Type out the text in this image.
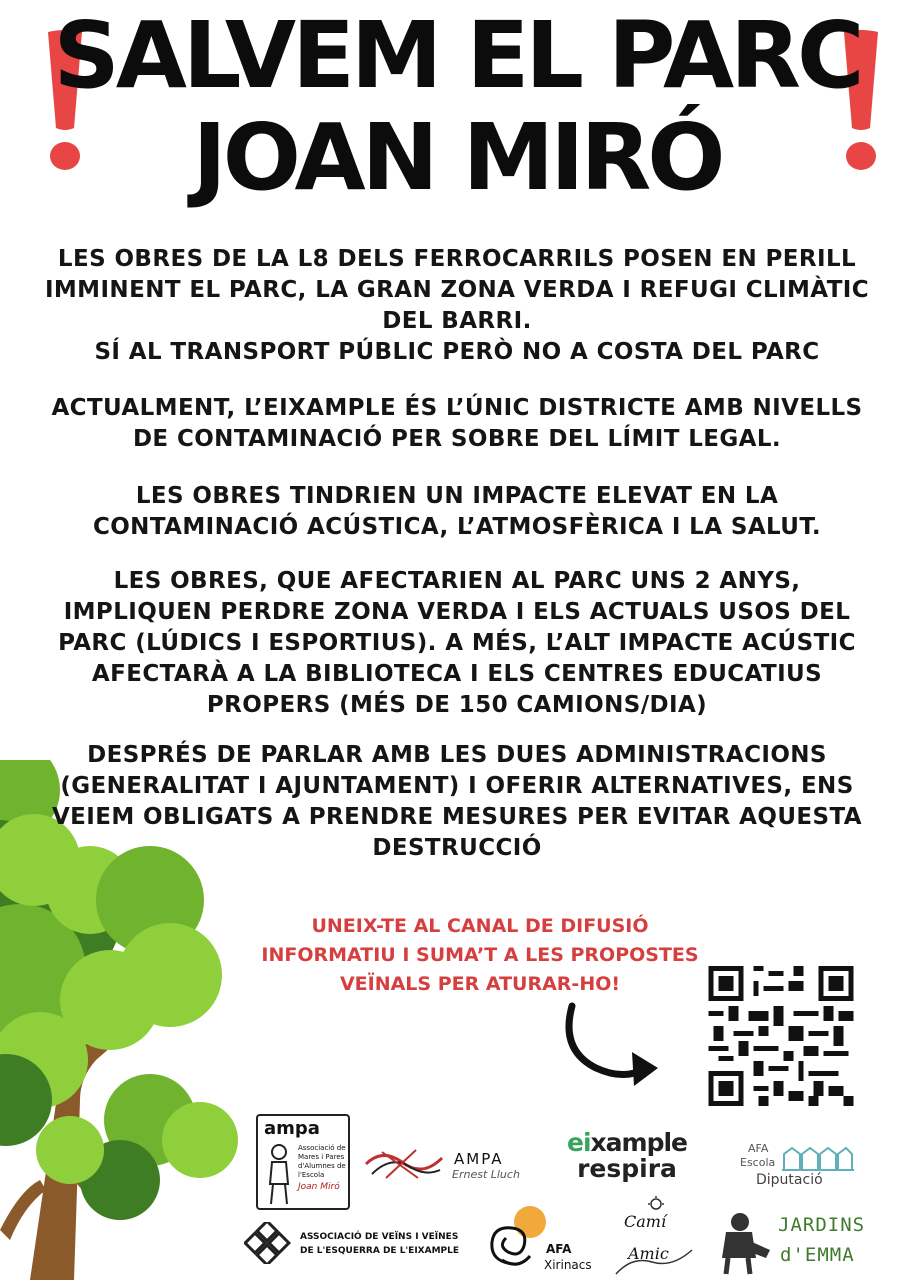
SALVEM EL PARC
JOAN MIRÓ
LES OBRES DE LA L8 DELS FERROCARRILS POSEN EN PERILL
IMMINENT EL PARC, LA GRAN ZONA VERDA I REFUGI CLIMÀTIC
DEL BARRI.
SÍ AL TRANSPORT PÚBLIC PERÒ NO A COSTA DEL PARC
ACTUALMENT, L’EIXAMPLE ÉS L’ÚNIC DISTRICTE AMB NIVELLS
DE CONTAMINACIÓ PER SOBRE DEL LÍMIT LEGAL.
LES OBRES TINDRIEN UN IMPACTE ELEVAT EN LA
CONTAMINACIÓ ACÚSTICA, L’ATMOSFÈRICA I LA SALUT.
LES OBRES, QUE AFECTARIEN AL PARC UNS 2 ANYS,
IMPLIQUEN PERDRE ZONA VERDA I ELS ACTUALS USOS DEL
PARC (LÚDICS I ESPORTIUS). A MÉS, L’ALT IMPACTE ACÚSTIC
AFECTARÀ A LA BIBLIOTECA I ELS CENTRES EDUCATIUS
PROPERS (MÉS DE 150 CAMIONS/DIA)
DESPRÉS DE PARLAR AMB LES DUES ADMINISTRACIONS
(GENERALITAT I AJUNTAMENT) I OFERIR ALTERNATIVES, ENS
VEIEM OBLIGATS A PRENDRE MESURES PER EVITAR AQUESTA
DESTRUCCIÓ
UNEIX-TE AL CANAL DE DIFUSIÓ
INFORMATIU I SUMA’T A LES PROPOSTES
VEÏNALS PER ATURAR-HO!
ampa
Associació de Mares i Pares d'Alumnes de l'Escola
Joan Miró
AMPA
Ernest Lluch
eixample
respira
AFA
Escola
Diputació
ASSOCIACIÓ DE VEÏNS I VEÏNES
DE L'ESQUERRA DE L'EIXAMPLE	AFA
Xirinacs
Camí
Amic
JARDINS
d'EMMA
